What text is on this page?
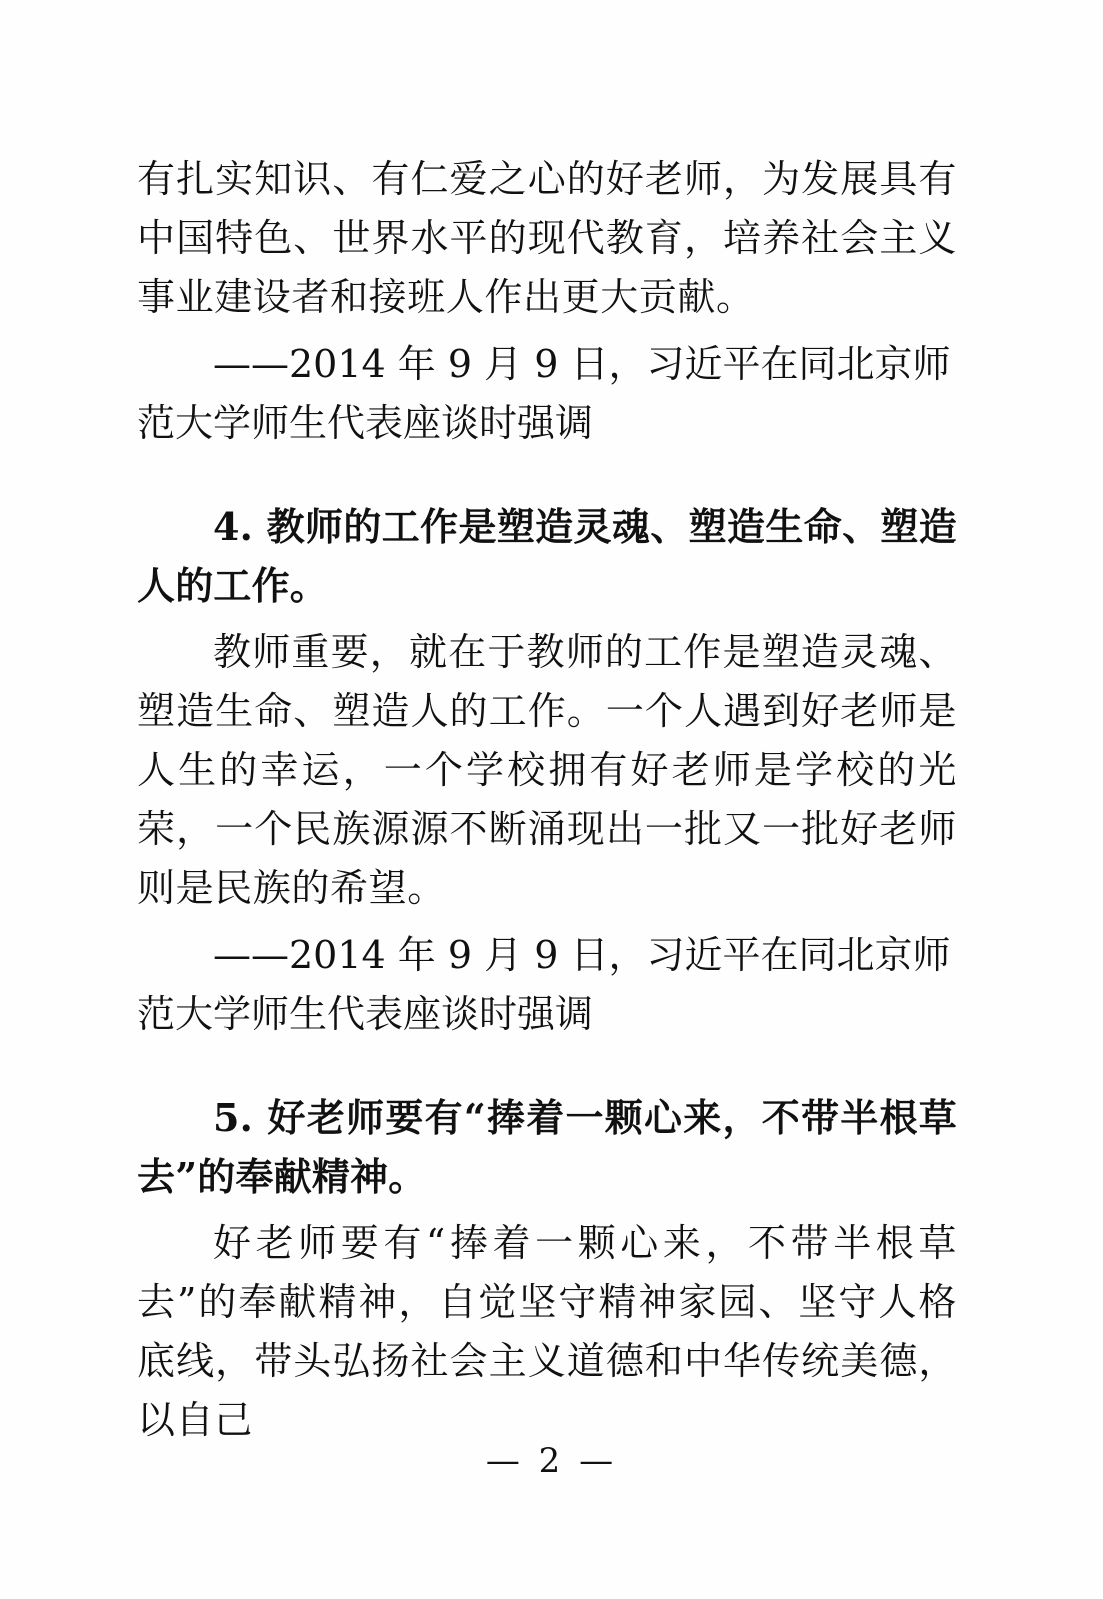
有扎实知识、有仁爱之心的好老师，为发展具有中国特色、世界水平的现代教育，培养社会主义事业建设者和接班人作出更大贡献。

——2014 年 9 月 9 日，习近平在同北京师范大学师生代表座谈时强调

4. 教师的工作是塑造灵魂、塑造生命、塑造人的工作。

教师重要，就在于教师的工作是塑造灵魂、塑造生命、塑造人的工作。一个人遇到好老师是人生的幸运，一个学校拥有好老师是学校的光荣，一个民族源源不断涌现出一批又一批好老师则是民族的希望。

——2014 年 9 月 9 日，习近平在同北京师范大学师生代表座谈时强调

5. 好老师要有“捧着一颗心来，不带半根草去”的奉献精神。

好老师要有“捧着一颗心来，不带半根草去”的奉献精神，自觉坚守精神家园、坚守人格底线，带头弘扬社会主义道德和中华传统美德，以自己

— 2 —
